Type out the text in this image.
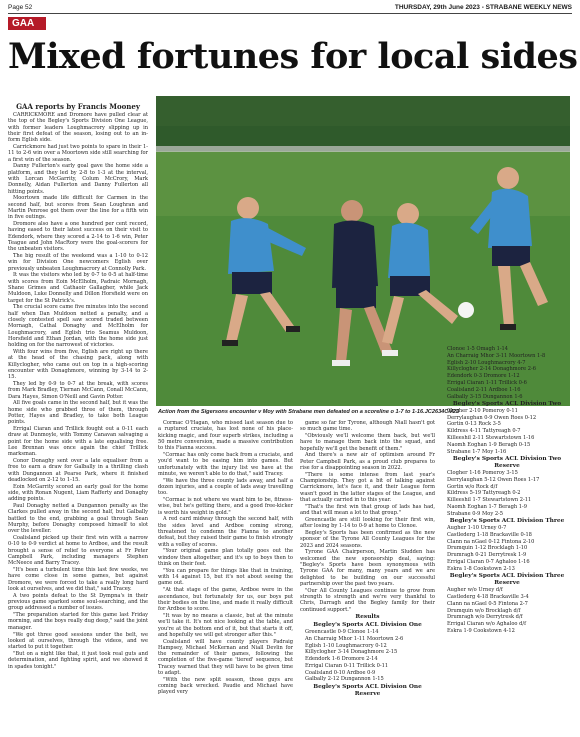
Page 52	THURSDAY, 29th June 2023 - STRABANE WEEKLY NEWS
GAA
Mixed fortunes for local sides
Action from the Sigersons encounter v Moy with Strabane men defeated on a scoreline o 1-7 to 1-16.JC2634CM23
GAA reports by Francis Mooney

CARRICKMORE and Dromore have pulled clear at the top of the Begley's Sports Division One League, with former leaders Loughmacrory slipping up in their first defeat of the season, losing out to an in-form Eglish side.

Carrickmore had just two points to spare in their 1-11 to 2-6 win over a Moortown side still searching for a first win of the season.

Danny Fullerton's early goal gave the home side a platform, and they led by 2-8 to 1-3 at the interval, with Lorcan McGarrity, Colum McCrory, Mark Donnelly, Aidan Fullerton and Danny Fullerton all hitting points.

Moortown made life difficult for Carmen in the second half, but scores from Sean Loughran and Martin Penrose got them over the line for a fifth win in five outings.

Dromore also have a one hundred per cent record, having eased to their latest success on their visit to Edendork, where they scored a 2-14 to 1-6 win, Peter Teague and John MacRory were the goal-scorers for the unbeaten visitors.

The big result of the weekend was a 1-10 to 0-12 win for Division One newcomers Eglish over previously unbeaten Loughmacrory at Connolly Park.

It was the visitors who led by 0-7 to 0-5 at half-time with scores from Eoin McElholm, Padraic Mornagh, Shane Grimes and Cathaoir Gallagher, while Jack Muldoon, Luke Donnelly and Dillon Horsfield were on target for the St Patrick's.

The crucial score came five minutes into the second half when Dan Muldoon netted a penalty, and a closely contested spell saw scored traded between Mornagh, Cathal Donaghy and McElholm for Loughmacrory, and Eglish trio Seamus Muldoon, Horsfield and Ethan Jordan, with the home side just holding on for the narrowest of victories.

With four wins from five, Eglish are right up there at the head of the chasing pack, along with Killyclogher, who came out on top in a high-scoring encounter with Donaghmore, winning by 3-14 to 2-15.

They led by 0-9 to 0-7 at the break, with scores from Mark Bradley, Tiernan McCann, Conall McCann, Dara Hayes, Simon O'Neill and Gavin Potter.

All five goals came in the second half, but it was the home side who grabbed three of them, through Potter, Hayes and Bradley, to take both League points.

Errigal Ciaran and Trillick fought out a 0-11 each draw at Dunmoyle, with Tommy Canavan salvaging a point for the home side with a late equalising free. Lee Brennan was once again the chief Trillick marksman.

Conor Donaghy sent over a late equaliser from a free to earn a draw for Galbally in a thrilling clash with Dungannon at Pearse Park, where it finished deadlocked on 2-12 to 1-15.

Eoin McGarrity scored an early goal for the home side, with Ronan Nugent, Liam Rafferty and Donaghy adding points.

Paul Donaghy netted a Dungannon penalty as the Clarkes pulled away in the second half, but Galbally battled to the end, grabbing a goal through Sean Murphy, before Donaghy composed himself to slot over the leveller.

Coalisland picked up their first win with a narrow 0-10 to 0-9 verdict at home to Ardboe, and the result brought a sense of relief to everyone at Fr Peter Campbell Park, including managers Stephen McNeece and Barry Tracey.

"It's been a turbulent time this last few weeks, we have come close in some games, but against Dromore, we were forced to take a really long hard look at ourselves, and we did that," said Tracey.

A two points defeat to the St Dympna's in their previous game sparked some soul-searching, and the group addressed a number of issues.

"The preparation started for this game last Friday morning, and the boys really dug deep," said the joint manager.

"We got three good sessions under the belt, we looked at ourselves, through the videos, and we started to put it together.

"But on a night like that, it just took real guts and determination, and fighting spirit, and we showed it in spades tonight."

Cormac O'Hagan, who missed last season due to a ruptured cruciate, has lost none of his place-kicking magic, and four superb strikes, including a 50 metre conversion, made a massive contribution to this Fianna success.

"Cormac has only come back from a cruciate, and you'd want to be easing him into games. But unfortunately with the injury list we have at the minute, we weren't able to do that," said Tracey.

"We have the three county lads away, and half a dozen injuries, and a couple of lads away travelling too.

"Cormac is not where we want him to be, fitness-wise, but he's getting there, and a good free-kicker is worth his weight in gold."

A red card midway through the second half, with the sides level and Ardboe coming strong, threatened to condemn the Fianna to another defeat, but they raised their game to finish strongly with a volley of scores.

"Your original game plan totally goes out the window then altogether, and it's up to boys then to think on their feet.

"You can prepare for things like that in training, with 14 against 15, but it's not about seeing the game out.

"At that stage of the game, Ardboe were in the ascendance, but fortunately for us, our boys put their bodies on the line, and made it really difficult for Ardboe to score.

"It was by no means a classic, but at the minute we'll take it. It's not nice looking at the table, and you're at the bottom end of it, but that starts it off, and hopefully we will get stronger after this."

Coalisland will have county players Padraig Hampsey, Michael McKernan and Niall Devlin for the remainder of their games, following the completion of the five-game 'tiered' sequence, but Tracey warned that they will have to be given time to adapt.

"With the new split season, those guys are coming back wrecked. Paudie and Michael have played very

game so far for Tyrone, although Niall hasn't got so much game time.

"Obviously we'll welcome them back, but we'll have to manage them back into the squad, and hopefully we'll get the benefit of them."

And there's a new air of optimism around Fr Peter Campbell Park, as a proud club prepares to rise for a disappointing season in 2022.

"There is some intense from last year's Championship. They got a bit of talking against Carrickmore, let's face it, and their League form wasn't good in the latter stages of the League, and that actually carried in to this year.

"That's the first win that group of lads has had, and that will mean a lot to that group."

Greencastle are still looking for their first win, after losing by 1-14 to 0-9 at home to Clonoe.

Begley's Sports has been confirmed as the new sponsor of the Tyrone All County Leagues for the 2023 and 2024 seasons.

Tyrone GAA Chairperson, Martin Sludden has welcomed the new sponsorship deal, saying: "Begley's Sports have been synonymous with Tyrone GAA for many, many years and we are delighted to be building on our successful partnership over the past two years.

"Our All County Leagues continue to grow from strength to strength and we're very thankful to Chris, Darragh and the Begley family for their continued support."

Results
Begley's Sports ACL Division One

Greencastle 0-9 Clonoe 1-14

An Charraig Mhor 1-11 Moortown 2-6

Eglish 1-10 Loughmacrory 0-12

Killyclogher 3-14 Donaghmore 2-15

Edendork 1-6 Dromore 2-14

Errigal Ciaran 0-11 Trillick 0-11

Coalisland 0-10 Ardboe 0-9

Galbally 2-12 Dungannon 1-15

Begley's Sports ACL Division One Reserve

Clonoe 1-5 Omagh 1-14

An Charraig Mhor 3-11 Moortown 1-8

Eglish 2-10 Loughmacrory 4-7

Killyclogher 2-14 Donaghmore 2-6

Edendork 0-3 Dromore 1-12

Errigal Ciaran 1-11 Trillick 0-6

Coalisland 2-11 Ardboe 1-16

Galbally 3-15 Dungannon 1-6

Begley's Sports ACL Division Two

Clogher 2-10 Pomeroy 0-11

Derrylaughan 0-9 Owen Roes 0-12

Gortin 0-13 Rock 3-5

Kildress 4-11 Tattyreagh 0-7

Killeeshil 2-11 Stewartstown 1-16

Naomh Eoghan 1-9 Beragh 0-15

Strabane 1-7 Moy 1-16

Begley's Sports ACL Division Two Reserve

Clogher 1-16 Pomeroy 3-15

Derrylaughan 5-12 Owen Roes 1-17

Gortin w/o Rock d/f

Kildress 5-19 Tattyreagh 0-2

Killeeshil 1-7 Stewartstown 2-11

Naomh Eoghan 1-7 Beragh 1-9

Strabane 0-9 Moy 2-5

Begley's Sports ACL Division Three

Augher 1-10 Urney 0-7

Castlederg 1-18 Brackaville 0-18

Clann na nGael 0-12 Fintona 2-10

Drumquin 1-12 Brocklagh 1-10

Drumragh 0-21 Derrytresk 1-9

Errigal Ciaran 0-7 Aghaloo 1-16

Eskra 1-8 Cookstown 2-13

Begley's Sports ACL Division Three Reserve

Augher w/o Urney d/f

Castlederg 4-18 Brackaville 3-4

Clann na nGael 0-5 Fintona 2-7

Drumquin w/o Brocklagh d/f

Drumragh w/o Derrytresk d/f

Errigal Ciaran w/o Aghaloo d/f

Eskra 1-9 Cookstown 4-12
